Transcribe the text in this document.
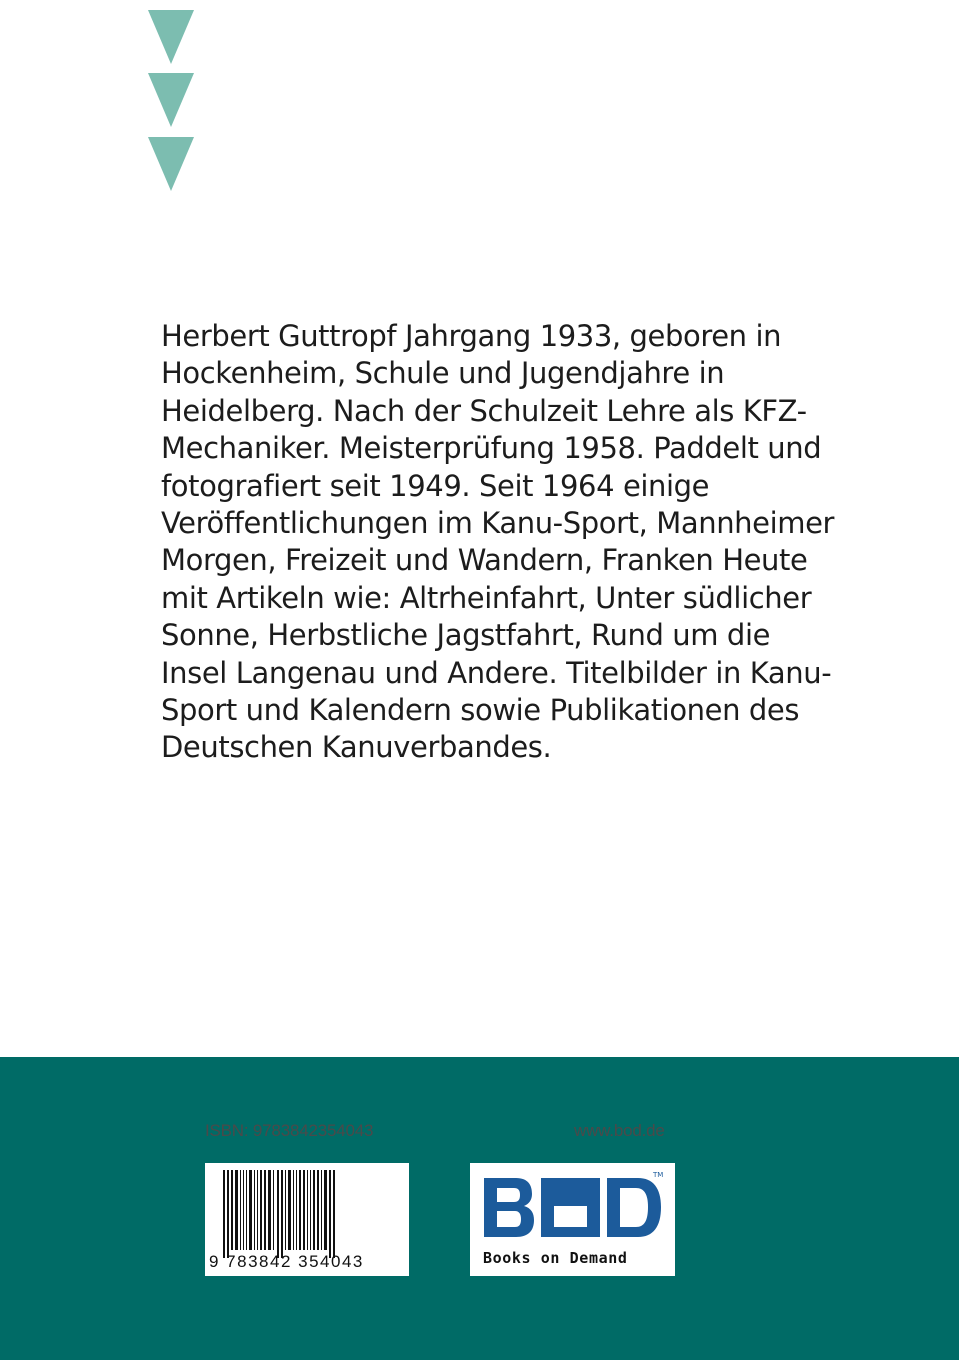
Herbert Guttropf Jahrgang 1933, geboren in
Hockenheim, Schule und Jugendjahre in
Heidelberg. Nach der Schulzeit Lehre als KFZ-
Mechaniker. Meisterprüfung 1958. Paddelt und
fotografiert seit 1949. Seit 1964 einige
Veröffentlichungen im Kanu-Sport, Mannheimer
Morgen, Freizeit und Wandern, Franken Heute
mit Artikeln wie: Altrheinfahrt, Unter südlicher
Sonne, Herbstliche Jagstfahrt, Rund um die
Insel Langenau und Andere. Titelbilder in Kanu-
Sport und Kalendern sowie Publikationen des
Deutschen Kanuverbandes.

ISBN: 9783842354043	www.bod.de
9 783842 354043
TM
Books on Demand
